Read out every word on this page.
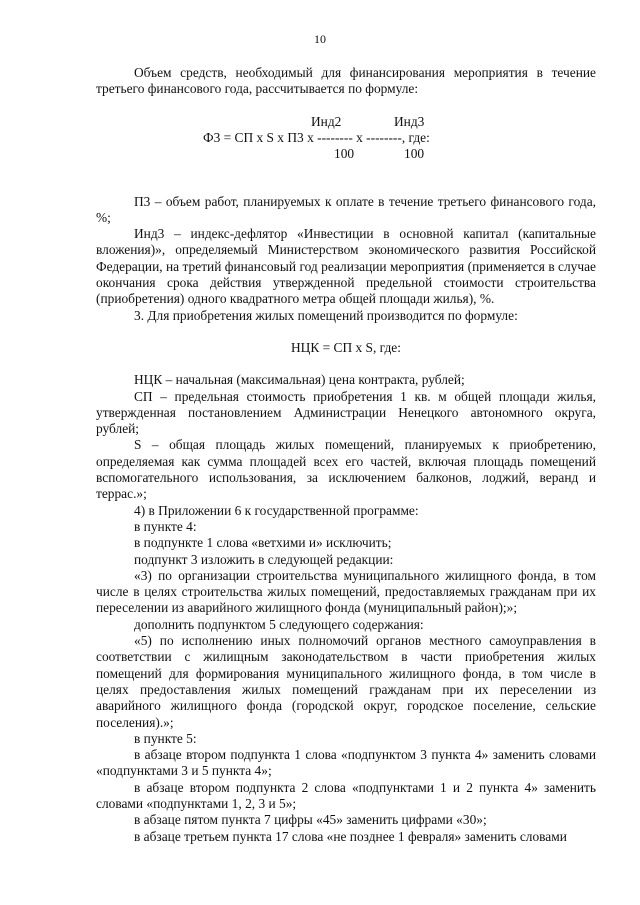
10

Объем средств, необходимый для финансирования мероприятия в течение третьего финансового года, рассчитывается по формуле:

Инд2	Инд3
Ф3 = СП x S x П3 x -------- x --------, где:
100	100

П3 – объем работ, планируемых к оплате в течение третьего финансового года, %;

Инд3 – индекс-дефлятор «Инвестиции в основной капитал (капитальные вложения)», определяемый Министерством экономического развития Российской Федерации, на третий финансовый год реализации мероприятия (применяется в случае окончания срока действия утвержденной предельной стоимости строительства (приобретения) одного квадратного метра общей площади жилья), %.

3. Для приобретения жилых помещений производится по формуле:

НЦК = СП x S, где:

НЦК – начальная (максимальная) цена контракта, рублей;

СП – предельная стоимость приобретения 1 кв. м общей площади жилья, утвержденная постановлением Администрации Ненецкого автономного округа, рублей;

S – общая площадь жилых помещений, планируемых к приобретению, определяемая как сумма площадей всех его частей, включая площадь помещений вспомогательного использования, за исключением балконов, лоджий, веранд и террас.»;

4) в Приложении 6 к государственной программе:

в пункте 4:

в подпункте 1 слова «ветхими и» исключить;

подпункт 3 изложить в следующей редакции:

«3) по организации строительства муниципального жилищного фонда, в том числе в целях строительства жилых помещений, предоставляемых гражданам при их переселении из аварийного жилищного фонда (муниципальный район);»;

дополнить подпунктом 5 следующего содержания:

«5) по исполнению иных полномочий органов местного самоуправления в соответствии с жилищным законодательством в части приобретения жилых помещений для формирования муниципального жилищного фонда, в том числе в целях предоставления жилых помещений гражданам при их переселении из аварийного жилищного фонда (городской округ, городское поселение, сельские поселения).»;

в пункте 5:

в абзаце втором подпункта 1 слова «подпунктом 3 пункта 4» заменить словами «подпунктами 3 и 5 пункта 4»;

в абзаце втором подпункта 2 слова «подпунктами 1 и 2 пункта 4» заменить словами «подпунктами 1, 2, 3 и 5»;

в абзаце пятом пункта 7 цифры «45» заменить цифрами «30»;

в абзаце третьем пункта 17 слова «не позднее 1 февраля» заменить словами
